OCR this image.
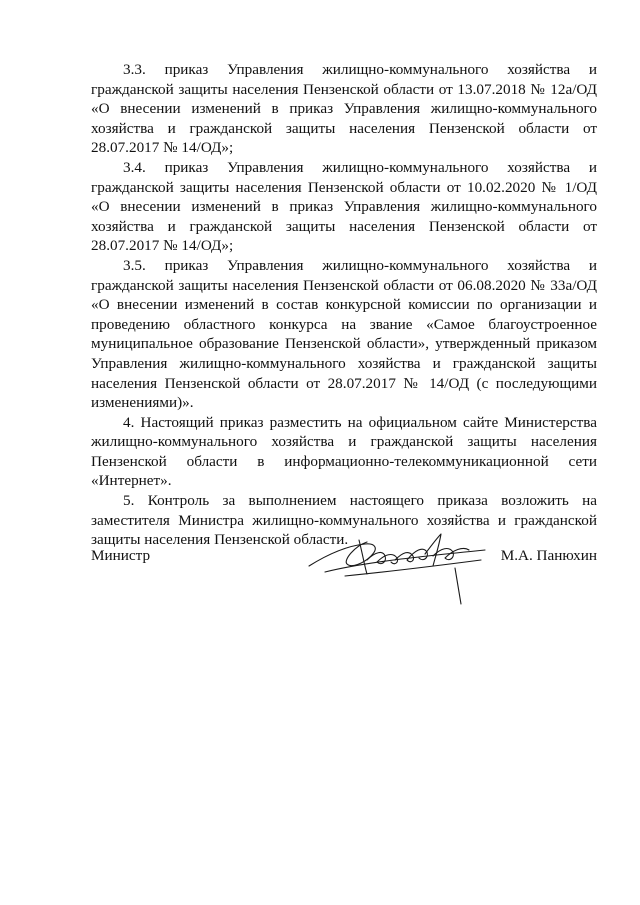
3.3. приказ Управления жилищно-коммунального хозяйства и гражданской защиты населения Пензенской области от 13.07.2018 № 12а/ОД «О внесении изменений в приказ Управления жилищно-коммунального хозяйства и гражданской защиты населения Пензенской области от 28.07.2017 № 14/ОД»;

3.4. приказ Управления жилищно-коммунального хозяйства и гражданской защиты населения Пензенской области от 10.02.2020 № 1/ОД «О внесении изменений в приказ Управления жилищно-коммунального хозяйства и гражданской защиты населения Пензенской области от 28.07.2017 № 14/ОД»;

3.5. приказ Управления жилищно-коммунального хозяйства и гражданской защиты населения Пензенской области от 06.08.2020 № 33а/ОД «О внесении изменений в состав конкурсной комиссии по организации и проведению областного конкурса на звание «Самое благоустроенное муниципальное образование Пензенской области», утвержденный приказом Управления жилищно-коммунального хозяйства и гражданской защиты населения Пензенской области от 28.07.2017 № 14/ОД (с последующими изменениями)».

4. Настоящий приказ разместить на официальном сайте Министерства жилищно-коммунального хозяйства и гражданской защиты населения Пензенской области в информационно-телекоммуникационной сети «Интернет».

5. Контроль за выполнением настоящего приказа возложить на заместителя Министра жилищно-коммунального хозяйства и гражданской защиты населения Пензенской области.

Министр	М.А. Панюхин
